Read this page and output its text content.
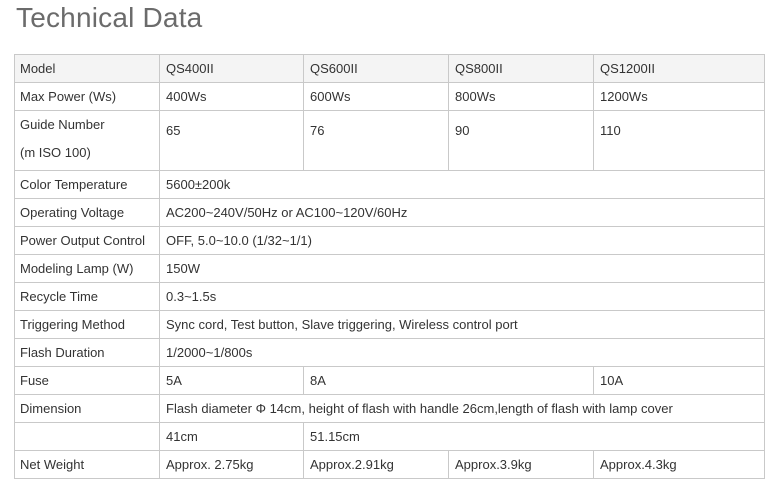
Technical Data
Model	QS400II	QS600II	QS800II	QS1200II
Max Power (Ws)	400Ws	600Ws	800Ws	1200Ws

Guide Number
(m ISO 100)	65	76	90	110
Color Temperature	5600±200k			
Operating Voltage	AC200~240V/50Hz or AC100~120V/60Hz			
Power Output Control	OFF, 5.0~10.0 (1/32~1/1)			
Modeling Lamp (W)	150W			
Recycle Time	0.3~1.5s			
Triggering Method	Sync cord, Test button, Slave triggering, Wireless control port			
Flash Duration	1/2000~1/800s			
Fuse	5A	8A		10A
Dimension	Flash diameter Φ 14cm, height of flash with handle 26cm,length of flash with lamp cover			
	41cm	51.15cm		
Net Weight	Approx. 2.75kg	Approx.2.91kg	Approx.3.9kg	Approx.4.3kg
